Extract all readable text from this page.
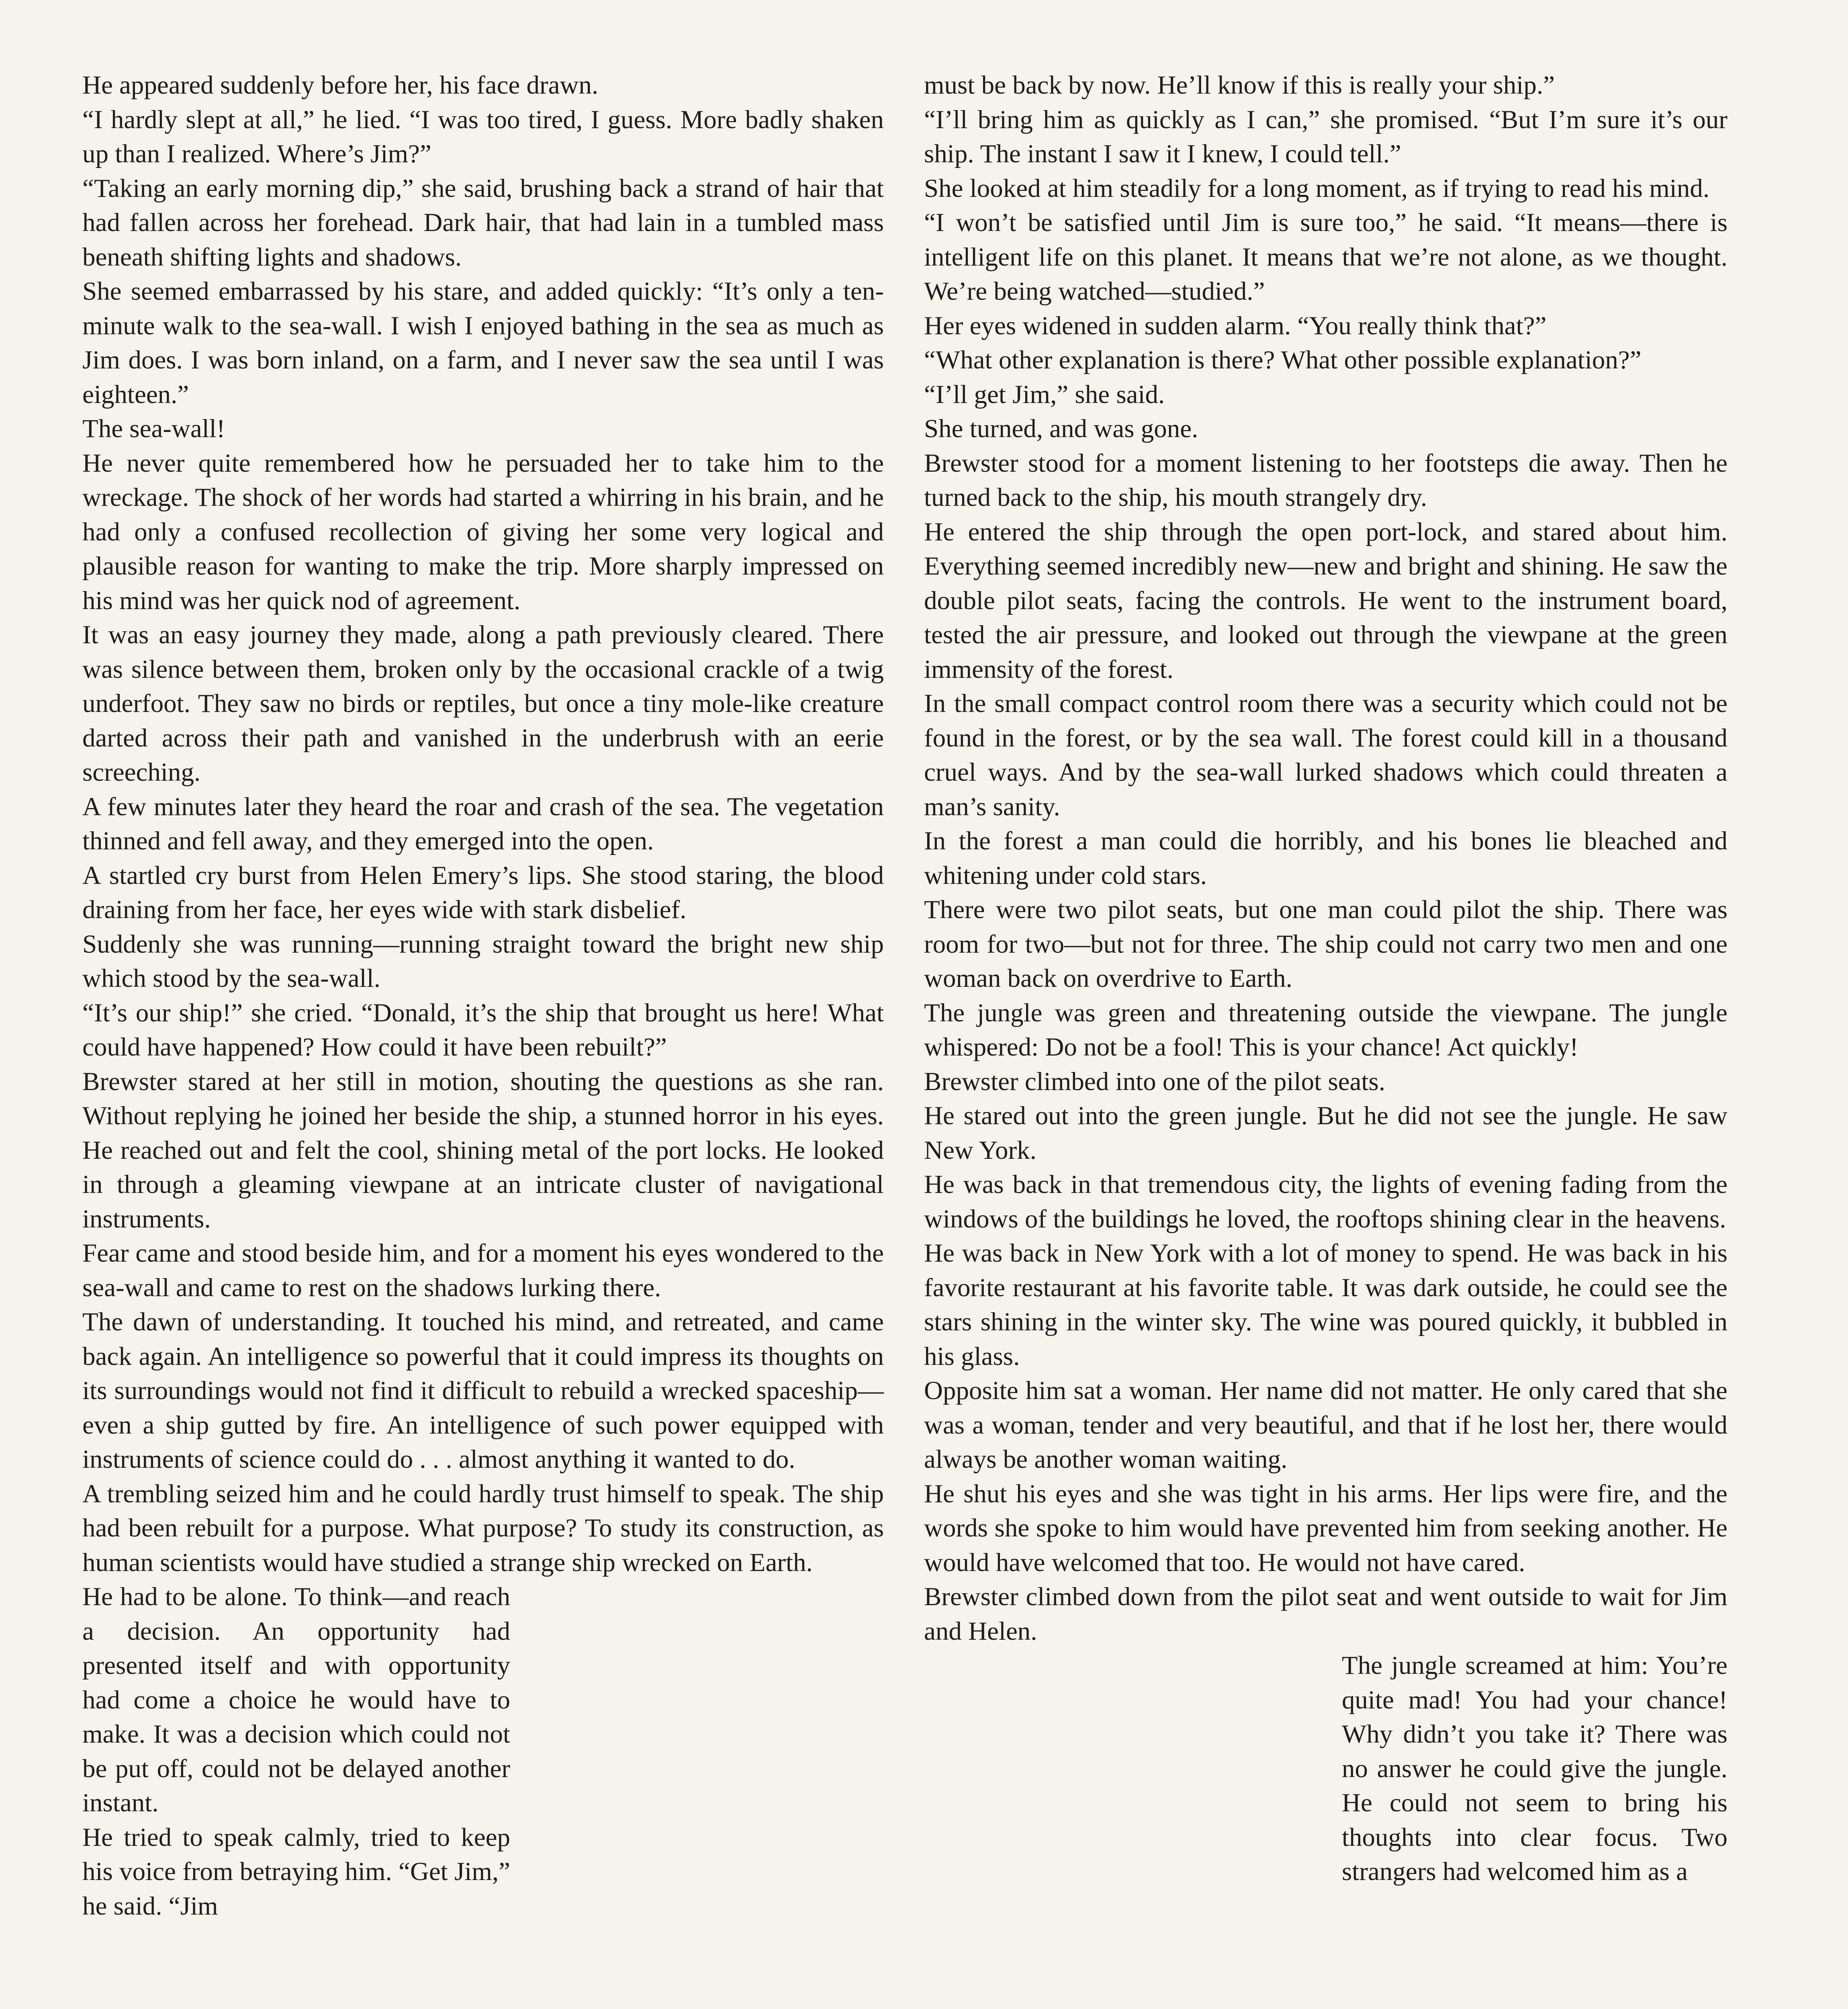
He appeared suddenly before her, his face drawn.

“I hardly slept at all,” he lied. “I was too tired, I guess. More badly shaken up than I realized. Where’s Jim?”

“Taking an early morning dip,” she said, brushing back a strand of hair that had fallen across her forehead. Dark hair, that had lain in a tumbled mass beneath shifting lights and shadows.

She seemed embarrassed by his stare, and added quickly: “It’s only a ten-minute walk to the sea-wall. I wish I enjoyed bathing in the sea as much as Jim does. I was born inland, on a farm, and I never saw the sea until I was eighteen.”

The sea-wall!

He never quite remembered how he persuaded her to take him to the wreckage. The shock of her words had started a whirring in his brain, and he had only a confused recollection of giving her some very logical and plausible reason for wanting to make the trip. More sharply impressed on his mind was her quick nod of agreement.

It was an easy journey they made, along a path previously cleared. There was silence between them, broken only by the occasional crackle of a twig underfoot. They saw no birds or reptiles, but once a tiny mole-like creature darted across their path and vanished in the underbrush with an eerie screeching.

A few minutes later they heard the roar and crash of the sea. The vegetation thinned and fell away, and they emerged into the open.

A startled cry burst from Helen Emery’s lips. She stood staring, the blood draining from her face, her eyes wide with stark disbelief.

Suddenly she was running—running straight toward the bright new ship which stood by the sea-wall.

“It’s our ship!” she cried. “Donald, it’s the ship that brought us here! What could have happened? How could it have been rebuilt?”

Brewster stared at her still in motion, shouting the questions as she ran. Without replying he joined her beside the ship, a stunned horror in his eyes. He reached out and felt the cool, shining metal of the port locks. He looked in through a gleaming viewpane at an intricate cluster of navigational instruments.

Fear came and stood beside him, and for a moment his eyes wondered to the sea-wall and came to rest on the shadows lurking there.

The dawn of understanding. It touched his mind, and retreated, and came back again. An intelligence so powerful that it could impress its thoughts on its surroundings would not find it difficult to rebuild a wrecked spaceship—even a ship gutted by fire. An intelligence of such power equipped with instruments of science could do . . . almost anything it wanted to do.

A trembling seized him and he could hardly trust himself to speak. The ship had been rebuilt for a purpose. What purpose? To study its construction, as human scientists would have studied a strange ship wrecked on Earth.

He had to be alone. To think—and reach a decision. An opportunity had presented itself and with opportunity had come a choice he would have to make. It was a decision which could not be put off, could not be delayed another instant.

He tried to speak calmly, tried to keep his voice from betraying him. “Get Jim,” he said. “Jim

must be back by now. He’ll know if this is really your ship.”

“I’ll bring him as quickly as I can,” she promised. “But I’m sure it’s our ship. The instant I saw it I knew, I could tell.”

She looked at him steadily for a long moment, as if trying to read his mind.

“I won’t be satisfied until Jim is sure too,” he said. “It means—there is intelligent life on this planet. It means that we’re not alone, as we thought. We’re being watched—studied.”

Her eyes widened in sudden alarm. “You really think that?”

“What other explanation is there? What other possible explanation?”

“I’ll get Jim,” she said.

She turned, and was gone.

Brewster stood for a moment listening to her footsteps die away. Then he turned back to the ship, his mouth strangely dry.

He entered the ship through the open port-lock, and stared about him. Everything seemed incredibly new—new and bright and shining. He saw the double pilot seats, facing the controls. He went to the instrument board, tested the air pressure, and looked out through the viewpane at the green immensity of the forest.

In the small compact control room there was a security which could not be found in the forest, or by the sea wall. The forest could kill in a thousand cruel ways. And by the sea-wall lurked shadows which could threaten a man’s sanity.

In the forest a man could die horribly, and his bones lie bleached and whitening under cold stars.

There were two pilot seats, but one man could pilot the ship. There was room for two—but not for three. The ship could not carry two men and one woman back on overdrive to Earth.

The jungle was green and threatening outside the viewpane. The jungle whispered: Do not be a fool! This is your chance! Act quickly!

Brewster climbed into one of the pilot seats.

He stared out into the green jungle. But he did not see the jungle. He saw New York.

He was back in that tremendous city, the lights of evening fading from the windows of the buildings he loved, the rooftops shining clear in the heavens.

He was back in New York with a lot of money to spend. He was back in his favorite restaurant at his favorite table. It was dark outside, he could see the stars shining in the winter sky. The wine was poured quickly, it bubbled in his glass.

Opposite him sat a woman. Her name did not matter. He only cared that she was a woman, tender and very beautiful, and that if he lost her, there would always be another woman waiting.

He shut his eyes and she was tight in his arms. Her lips were fire, and the words she spoke to him would have prevented him from seeking another. He would have welcomed that too. He would not have cared.

Brewster climbed down from the pilot seat and went outside to wait for Jim and Helen.

The jungle screamed at him: You’re quite mad! You had your chance! Why didn’t you take it? There was no answer he could give the jungle. He could not seem to bring his thoughts into clear focus. Two strangers had welcomed him as a
